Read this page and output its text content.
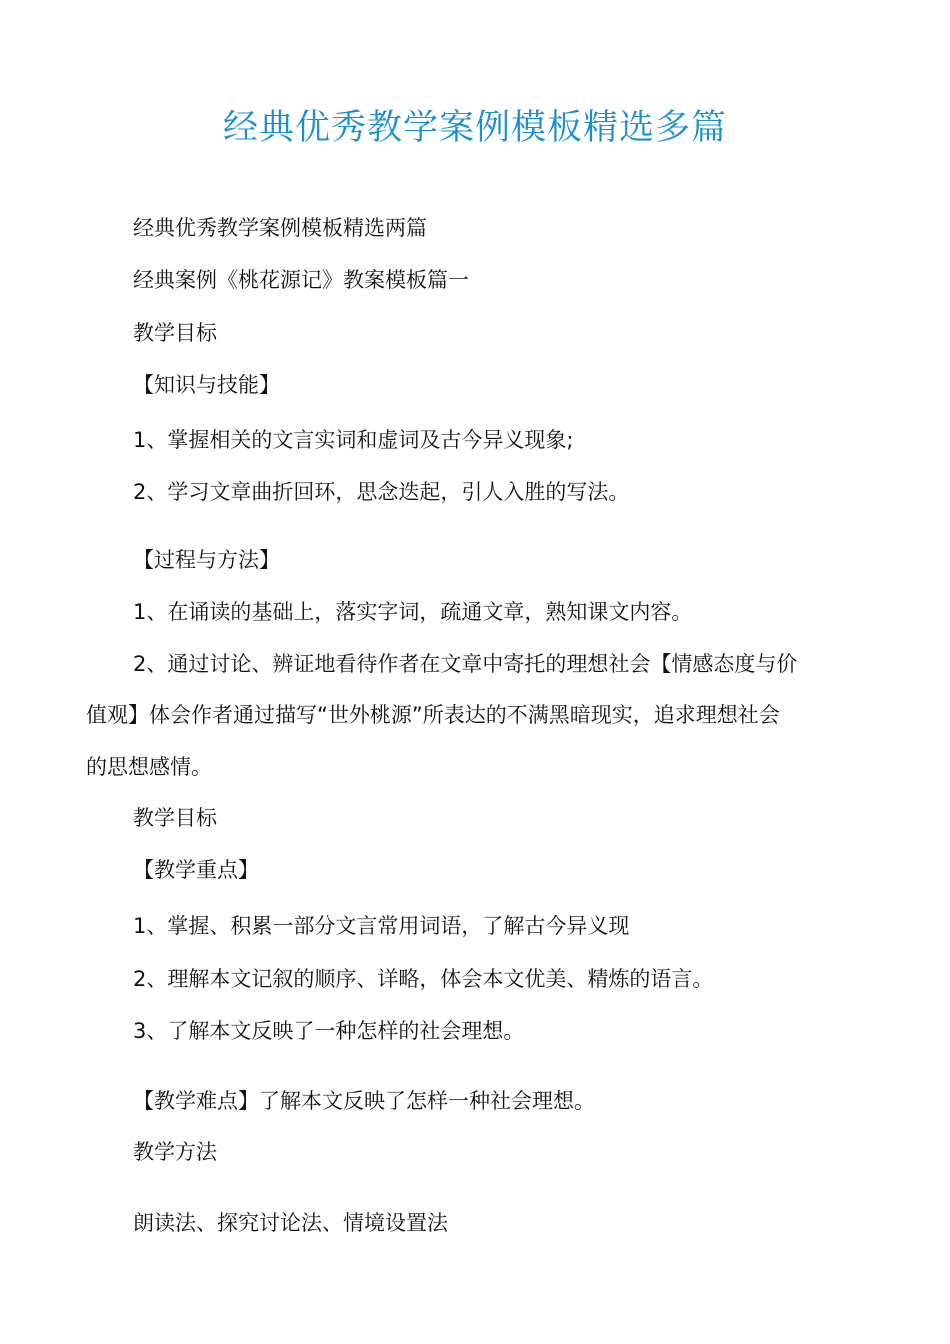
经典优秀教学案例模板精选多篇
经典优秀教学案例模板精选两篇
经典案例《桃花源记》教案模板篇一
教学目标
【知识与技能】
1、掌握相关的文言实词和虚词及古今异义现象;
2、学习文章曲折回环，思念迭起，引人入胜的写法。
【过程与方法】
1、在诵读的基础上，落实字词，疏通文章，熟知课文内容。
2、通过讨论、辨证地看待作者在文章中寄托的理想社会【情感态度与价
值观】体会作者通过描写“世外桃源”所表达的不满黑暗现实，追求理想社会
的思想感情。
教学目标
【教学重点】
1、掌握、积累一部分文言常用词语，了解古今异义现
2、理解本文记叙的顺序、详略，体会本文优美、精炼的语言。
3、了解本文反映了一种怎样的社会理想。
【教学难点】了解本文反映了怎样一种社会理想。
教学方法
朗读法、探究讨论法、情境设置法
